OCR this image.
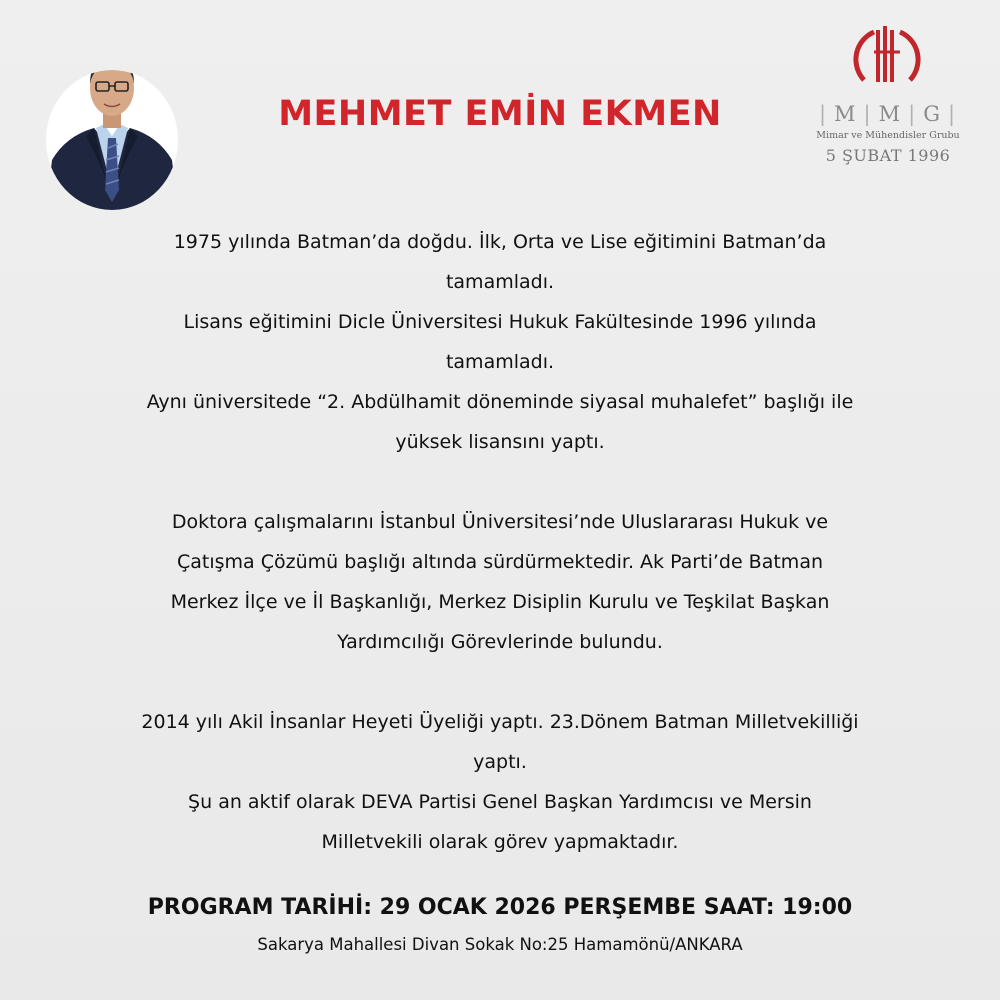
MEHMET EMİN EKMEN	| M | M | G |
Mimar ve Mühendisler Grubu
5 ŞUBAT 1996

1975 yılında Batman’da doğdu. İlk, Orta ve Lise eğitimini Batman’da

tamamladı.

Lisans eğitimini Dicle Üniversitesi Hukuk Fakültesinde 1996 yılında

tamamladı.

Aynı üniversitede “2. Abdülhamit döneminde siyasal muhalefet” başlığı ile

yüksek lisansını yaptı.

Doktora çalışmalarını İstanbul Üniversitesi’nde Uluslararası Hukuk ve

Çatışma Çözümü başlığı altında sürdürmektedir. Ak Parti’de Batman

Merkez İlçe ve İl Başkanlığı, Merkez Disiplin Kurulu ve Teşkilat Başkan

Yardımcılığı Görevlerinde bulundu.

2014 yılı Akil İnsanlar Heyeti Üyeliği yaptı. 23.Dönem Batman Milletvekilliği

yaptı.

Şu an aktif olarak DEVA Partisi Genel Başkan Yardımcısı ve Mersin

Milletvekili olarak görev yapmaktadır.

PROGRAM TARİHİ: 29 OCAK 2026 PERŞEMBE SAAT: 19:00
Sakarya Mahallesi Divan Sokak No:25 Hamamönü/ANKARA
